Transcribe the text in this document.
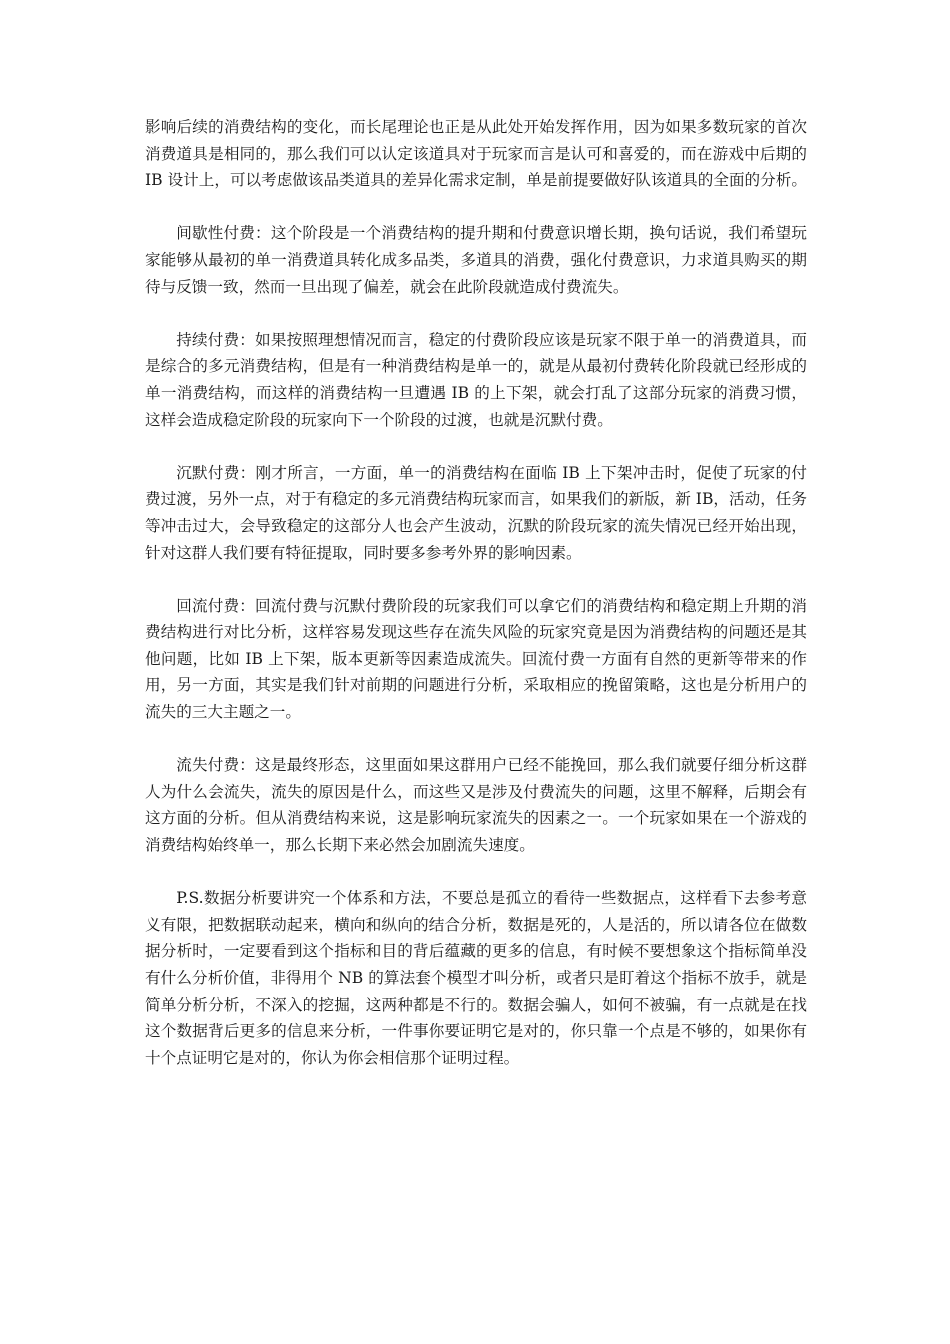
影响后续的消费结构的变化，而长尾理论也正是从此处开始发挥作用，因为如果多数玩家的首次消费道具是相同的，那么我们可以认定该道具对于玩家而言是认可和喜爱的，而在游戏中后期的 IB 设计上，可以考虑做该品类道具的差异化需求定制，单是前提要做好队该道具的全面的分析。

间歇性付费：这个阶段是一个消费结构的提升期和付费意识增长期，换句话说，我们希望玩家能够从最初的单一消费道具转化成多品类，多道具的消费，强化付费意识，力求道具购买的期待与反馈一致，然而一旦出现了偏差，就会在此阶段就造成付费流失。

持续付费：如果按照理想情况而言，稳定的付费阶段应该是玩家不限于单一的消费道具，而是综合的多元消费结构，但是有一种消费结构是单一的，就是从最初付费转化阶段就已经形成的单一消费结构，而这样的消费结构一旦遭遇 IB 的上下架，就会打乱了这部分玩家的消费习惯，这样会造成稳定阶段的玩家向下一个阶段的过渡，也就是沉默付费。

沉默付费：刚才所言，一方面，单一的消费结构在面临 IB 上下架冲击时，促使了玩家的付费过渡，另外一点，对于有稳定的多元消费结构玩家而言，如果我们的新版，新 IB，活动，任务等冲击过大，会导致稳定的这部分人也会产生波动，沉默的阶段玩家的流失情况已经开始出现，针对这群人我们要有特征提取，同时要多参考外界的影响因素。

回流付费：回流付费与沉默付费阶段的玩家我们可以拿它们的消费结构和稳定期上升期的消费结构进行对比分析，这样容易发现这些存在流失风险的玩家究竟是因为消费结构的问题还是其他问题，比如 IB 上下架，版本更新等因素造成流失。回流付费一方面有自然的更新等带来的作用，另一方面，其实是我们针对前期的问题进行分析，采取相应的挽留策略，这也是分析用户的流失的三大主题之一。

流失付费：这是最终形态，这里面如果这群用户已经不能挽回，那么我们就要仔细分析这群人为什么会流失，流失的原因是什么，而这些又是涉及付费流失的问题，这里不解释，后期会有这方面的分析。但从消费结构来说，这是影响玩家流失的因素之一。一个玩家如果在一个游戏的消费结构始终单一，那么长期下来必然会加剧流失速度。

P.S.数据分析要讲究一个体系和方法，不要总是孤立的看待一些数据点，这样看下去参考意义有限，把数据联动起来，横向和纵向的结合分析，数据是死的，人是活的，所以请各位在做数据分析时，一定要看到这个指标和目的背后蕴藏的更多的信息，有时候不要想象这个指标简单没有什么分析价值，非得用个 NB 的算法套个模型才叫分析，或者只是盯着这个指标不放手，就是简单分析分析，不深入的挖掘，这两种都是不行的。数据会骗人，如何不被骗，有一点就是在找这个数据背后更多的信息来分析，一件事你要证明它是对的，你只靠一个点是不够的，如果你有十个点证明它是对的，你认为你会相信那个证明过程。
